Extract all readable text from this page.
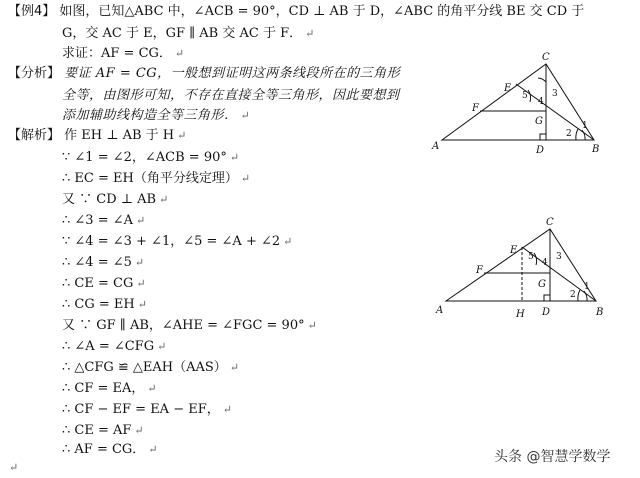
【例4】 如图，已知△ABC 中，∠ACB = 90°，CD ⊥ AB 于 D，∠ABC 的角平分线 BE 交 CD 于
G，交 AC 于 E，GF ∥ AB 交 AC 于 F． ↵
求证：AF = CG． ↵
【分析】 要证 AF = CG，一般想到证明这两条线段所在的三角形
全等，由图形可知，不存在直接全等三角形，因此要想到
添加辅助线构造全等三角形． ↵
【解析】 作 EH ⊥ AB 于 H ↵
∵ ∠1 = ∠2，∠ACB = 90° ↵
∴ EC = EH（角平分线定理） ↵
又 ∵ CD ⊥ AB ↵
∴ ∠3 = ∠A ↵
∵ ∠4 = ∠3 + ∠1，∠5 = ∠A + ∠2 ↵
∴ ∠4 = ∠5 ↵
∴ CE = CG ↵
∴ CG = EH ↵
又 ∵ GF ∥ AB，∠AHE = ∠FGC = 90° ↵
∴ ∠A = ∠CFG ↵
∴ △CFG ≌ △EAH（AAS） ↵
∴ CF = EA， ↵
∴ CF − EF = EA − EF， ↵
∴ CE = AF ↵
∴ AF = CG． ↵
↵
A	B
C
D
E
F
G	1
2
3
4
5
A	B
C
D
E
F
G
H
1
2
3
4
5
头条 @智慧学数学
